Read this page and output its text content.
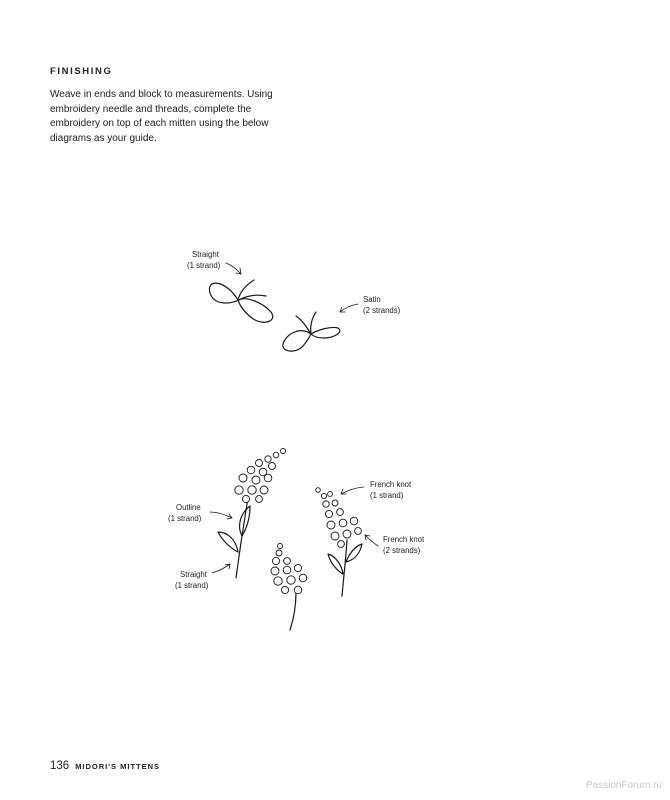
FINISHING

Weave in ends and block to measurements. Using embroidery needle and threads, complete the embroidery on top of each mitten using the below diagrams as your guide.

Straight
(1 strand)
Satin
(2 strands)
Outline
(1 strand)
Straight
(1 strand)
French knot
(1 strand)
French knot
(2 strands)
136 MIDORI'S MITTENS
PassionForum.ru
